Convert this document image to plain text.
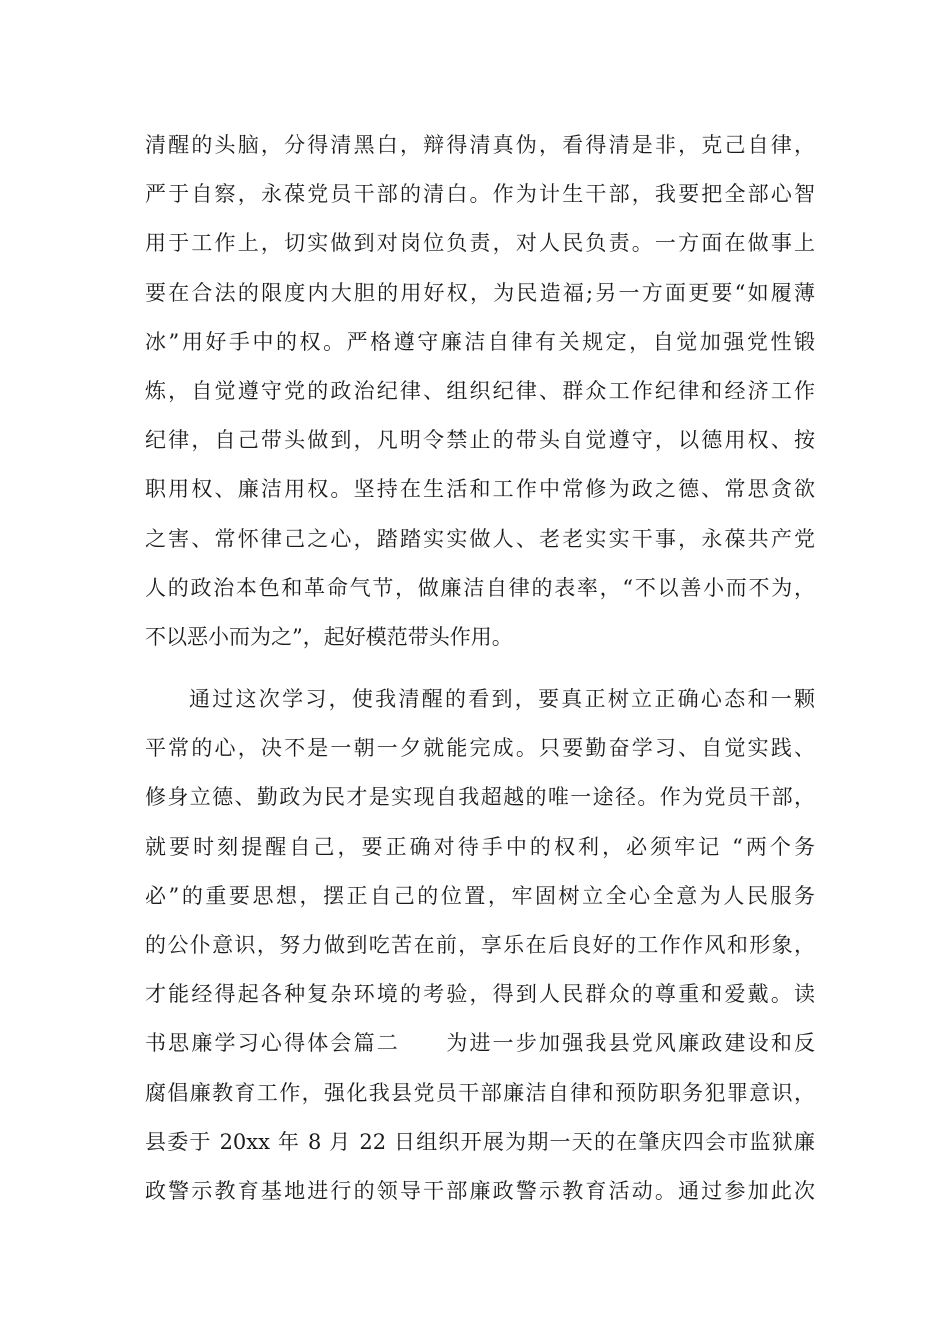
清醒的头脑，分得清黑白，辩得清真伪，看得清是非，克己自律，
严于自察，永葆党员干部的清白。作为计生干部，我要把全部心智
用于工作上，切实做到对岗位负责，对人民负责。一方面在做事上
要在合法的限度内大胆的用好权，为民造福;另一方面更要“如履薄
冰”用好手中的权。严格遵守廉洁自律有关规定，自觉加强党性锻
炼，自觉遵守党的政治纪律、组织纪律、群众工作纪律和经济工作
纪律，自己带头做到，凡明令禁止的带头自觉遵守，以德用权、按
职用权、廉洁用权。坚持在生活和工作中常修为政之德、常思贪欲
之害、常怀律己之心，踏踏实实做人、老老实实干事，永葆共产党
人的政治本色和革命气节，做廉洁自律的表率，“不以善小而不为，
不以恶小而为之”，起好模范带头作用。
通过这次学习，使我清醒的看到，要真正树立正确心态和一颗
平常的心，决不是一朝一夕就能完成。只要勤奋学习、自觉实践、
修身立德、勤政为民才是实现自我超越的唯一途径。作为党员干部，
就要时刻提醒自己，要正确对待手中的权利，必须牢记 “两个务
必”的重要思想，摆正自己的位置，牢固树立全心全意为人民服务
的公仆意识，努力做到吃苦在前，享乐在后良好的工作作风和形象，
才能经得起各种复杂环境的考验，得到人民群众的尊重和爱戴。读
书思廉学习心得体会篇二　　为进一步加强我县党风廉政建设和反
腐倡廉教育工作，强化我县党员干部廉洁自律和预防职务犯罪意识，
县委于 20xx 年 8 月 22 日组织开展为期一天的在肇庆四会市监狱廉
政警示教育基地进行的领导干部廉政警示教育活动。通过参加此次
